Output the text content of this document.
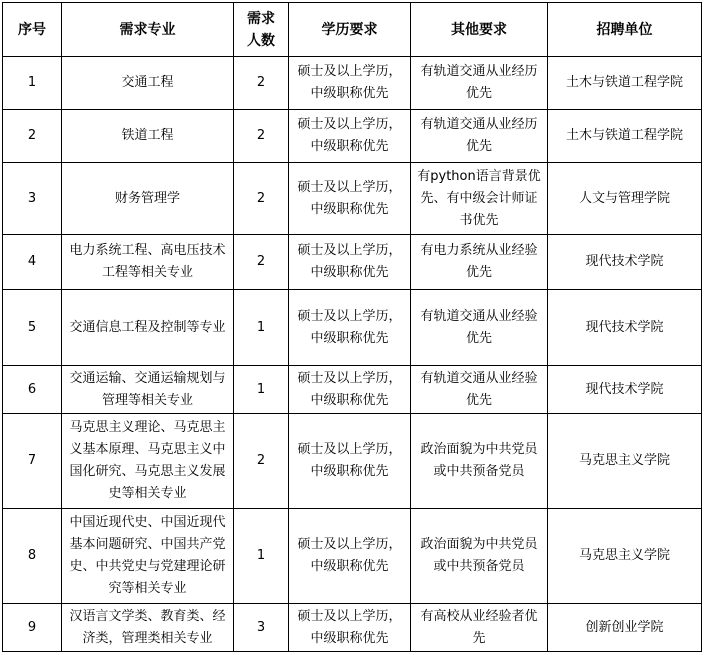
序号	需求专业	需求人数	学历要求	其他要求	招聘单位
1	交通工程	2	硕士及以上学历，中级职称优先	有轨道交通从业经历优先	土木与铁道工程学院
2	铁道工程	2	硕士及以上学历，中级职称优先	有轨道交通从业经历优先	土木与铁道工程学院
3	财务管理学	2	硕士及以上学历，中级职称优先	有python语言背景优先、有中级会计师证书优先	人文与管理学院
4	电力系统工程、高电压技术工程等相关专业	2	硕士及以上学历，中级职称优先	有电力系统从业经验优先	现代技术学院
5	交通信息工程及控制等专业	1	硕士及以上学历，中级职称优先	有轨道交通从业经验优先	现代技术学院
6	交通运输、交通运输规划与管理等相关专业	1	硕士及以上学历，中级职称优先	有轨道交通从业经验优先	现代技术学院
7	马克思主义理论、马克思主义基本原理、马克思主义中国化研究、马克思主义发展史等相关专业	2	硕士及以上学历，中级职称优先	政治面貌为中共党员或中共预备党员	马克思主义学院
8	中国近现代史、中国近现代基本问题研究、中国共产党史、中共党史与党建理论研究等相关专业	1	硕士及以上学历，中级职称优先	政治面貌为中共党员或中共预备党员	马克思主义学院
9	汉语言文学类、教育类、经济类，管理类相关专业	3	硕士及以上学历，中级职称优先	有高校从业经验者优先	创新创业学院
